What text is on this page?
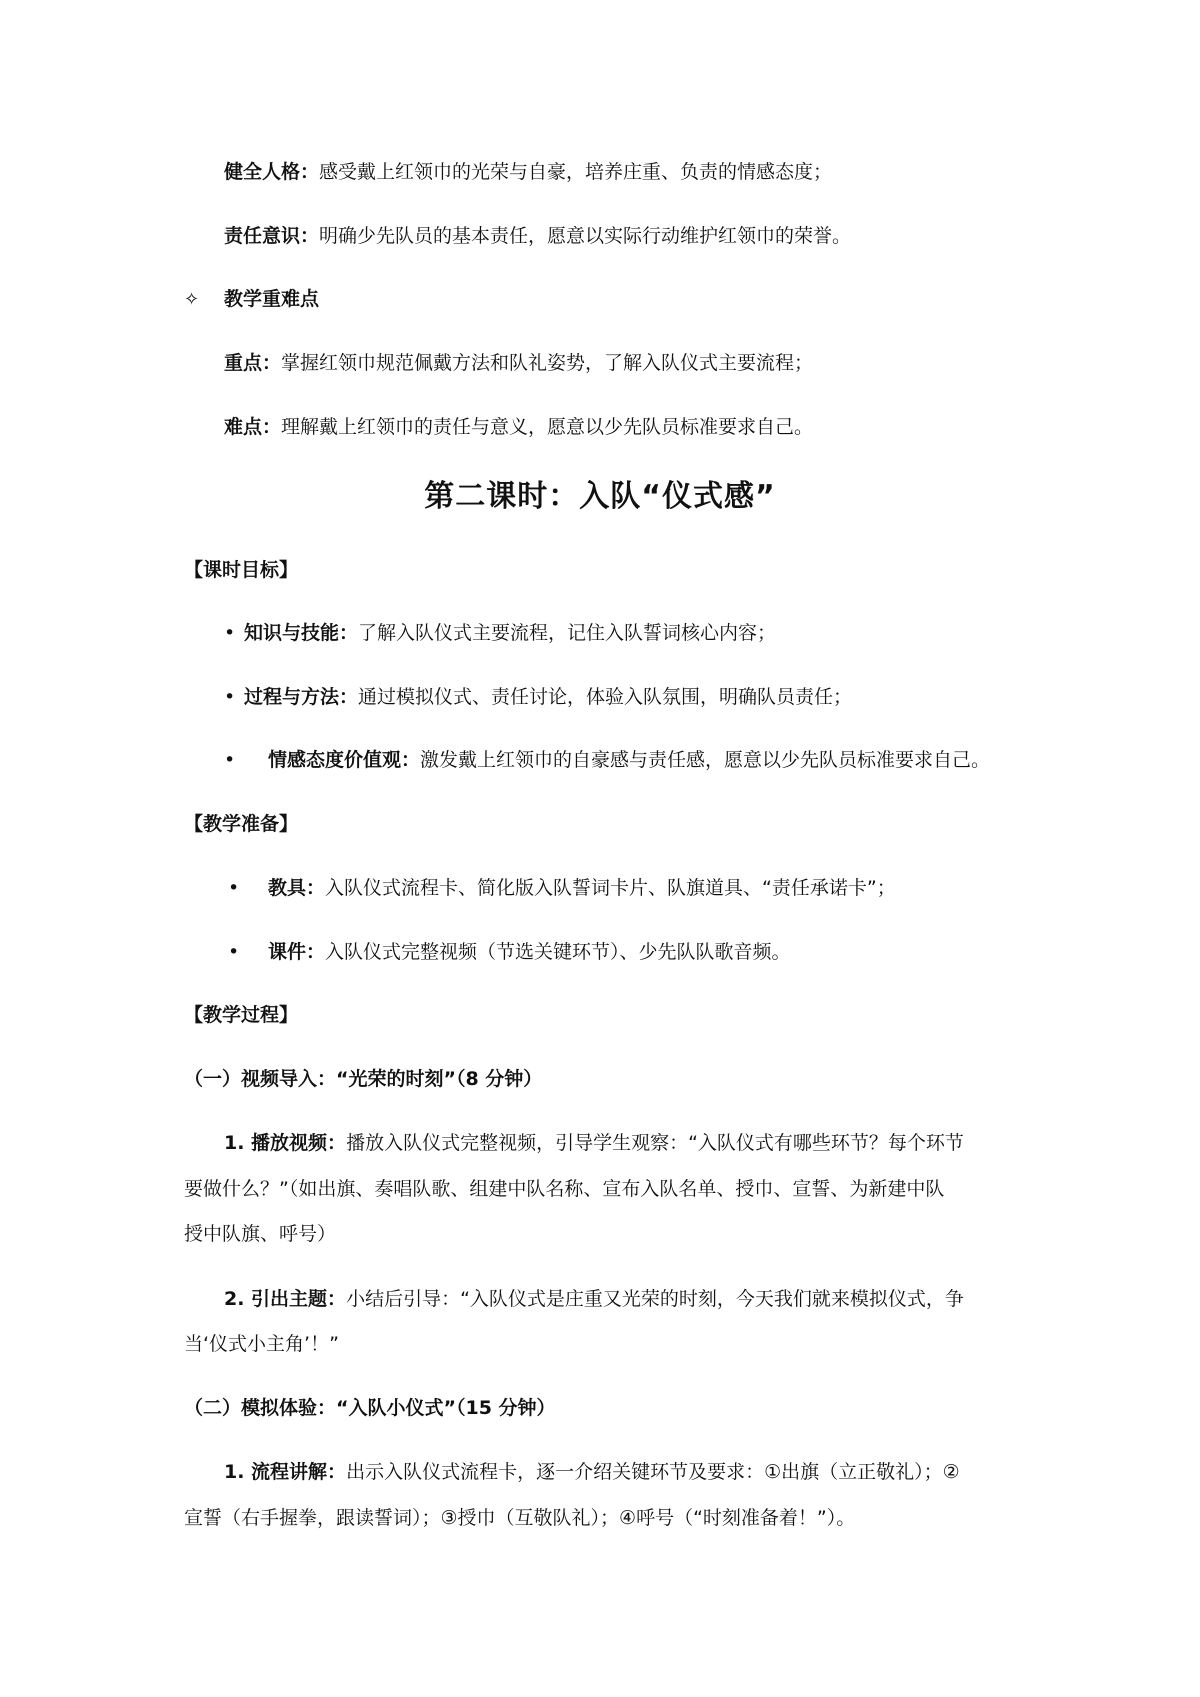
健全人格：感受戴上红领巾的光荣与自豪，培养庄重、负责的情感态度；
责任意识：明确少先队员的基本责任，愿意以实际行动维护红领巾的荣誉。
✧ 教学重难点
重点：掌握红领巾规范佩戴方法和队礼姿势，了解入队仪式主要流程；
难点：理解戴上红领巾的责任与意义，愿意以少先队员标准要求自己。
第二课时：入队“仪式感”
【课时目标】
• 知识与技能：了解入队仪式主要流程，记住入队誓词核心内容；
• 过程与方法：通过模拟仪式、责任讨论，体验入队氛围，明确队员责任；
• 情感态度价值观：激发戴上红领巾的自豪感与责任感，愿意以少先队员标准要求自己。
【教学准备】
• 教具：入队仪式流程卡、简化版入队誓词卡片、队旗道具、“责任承诺卡”；
• 课件：入队仪式完整视频（节选关键环节）、少先队队歌音频。
【教学过程】
（一）视频导入：“光荣的时刻”（8 分钟）
1. 播放视频：播放入队仪式完整视频，引导学生观察：“入队仪式有哪些环节？每个环节
要做什么？”（如出旗、奏唱队歌、组建中队名称、宣布入队名单、授巾、宣誓、为新建中队
授中队旗、呼号）
2. 引出主题：小结后引导：“入队仪式是庄重又光荣的时刻，今天我们就来模拟仪式，争
当‘仪式小主角’！”
（二）模拟体验：“入队小仪式”（15 分钟）
1. 流程讲解：出示入队仪式流程卡，逐一介绍关键环节及要求：①出旗（立正敬礼）；②
宣誓（右手握拳，跟读誓词）；③授巾（互敬队礼）；④呼号（“时刻准备着！”）。
